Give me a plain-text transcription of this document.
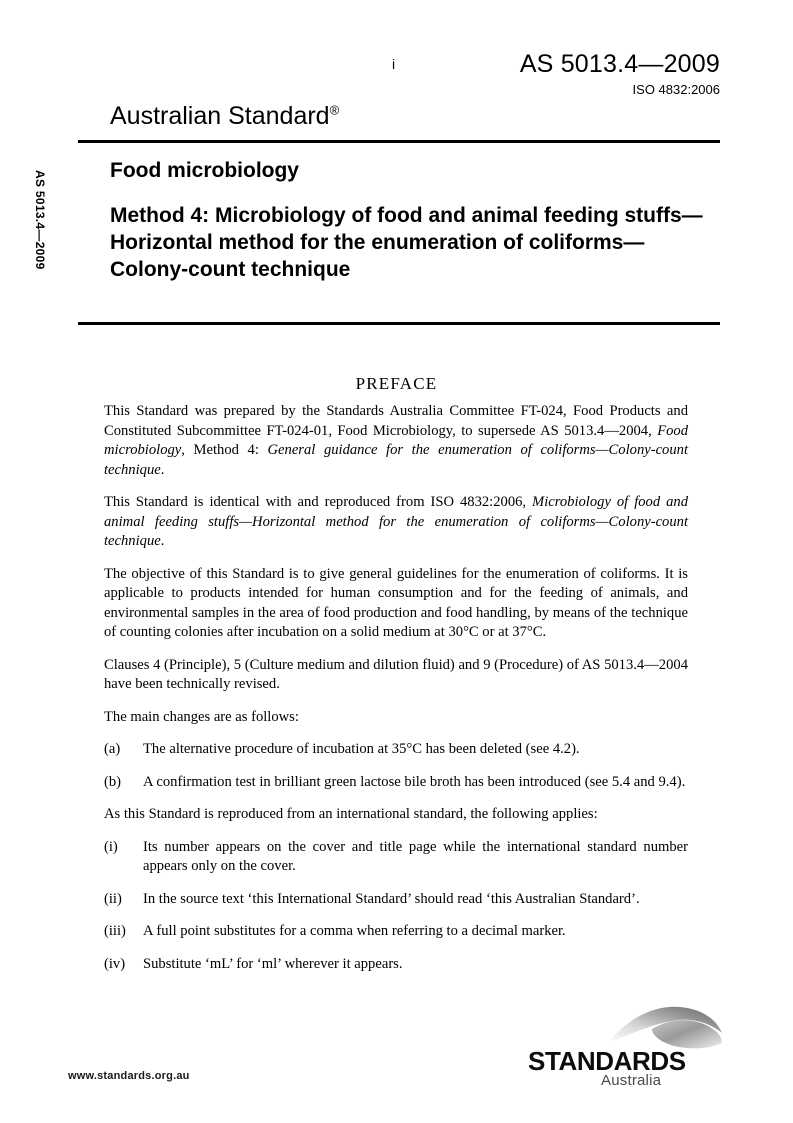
i	AS 5013.4—2009
ISO 4832:2006
AS 5013.4—2009
Australian Standard®

Food microbiology

Method 4: Microbiology of food and animal feeding stuffs—Horizontal method for the enumeration of coliforms—Colony-count technique

PREFACE

This Standard was prepared by the Standards Australia Committee FT-024, Food Products and Constituted Subcommittee FT-024-01, Food Microbiology, to supersede AS 5013.4—2004, Food microbiology, Method 4: General guidance for the enumeration of coliforms—Colony-count technique.

This Standard is identical with and reproduced from ISO 4832:2006, Microbiology of food and animal feeding stuffs—Horizontal method for the enumeration of coliforms—Colony-count technique.

The objective of this Standard is to give general guidelines for the enumeration of coliforms. It is applicable to products intended for human consumption and for the feeding of animals, and environmental samples in the area of food production and food handling, by means of the technique of counting colonies after incubation on a solid medium at 30°C or at 37°C.

Clauses 4 (Principle), 5 (Culture medium and dilution fluid) and 9 (Procedure) of AS 5013.4—2004 have been technically revised.

The main changes are as follows:

(a)	The alternative procedure of incubation at 35°C has been deleted (see 4.2).
(b)	A confirmation test in brilliant green lactose bile broth has been introduced (see 5.4 and 9.4).

As this Standard is reproduced from an international standard, the following applies:

(i)	Its number appears on the cover and title page while the international standard number appears only on the cover.
(ii)	In the source text ‘this International Standard’ should read ‘this Australian Standard’.
(iii)	A full point substitutes for a comma when referring to a decimal marker.
(iv)	Substitute ‘mL’ for ‘ml’ wherever it appears.
www.standards.org.au	STANDARDS
Australia
